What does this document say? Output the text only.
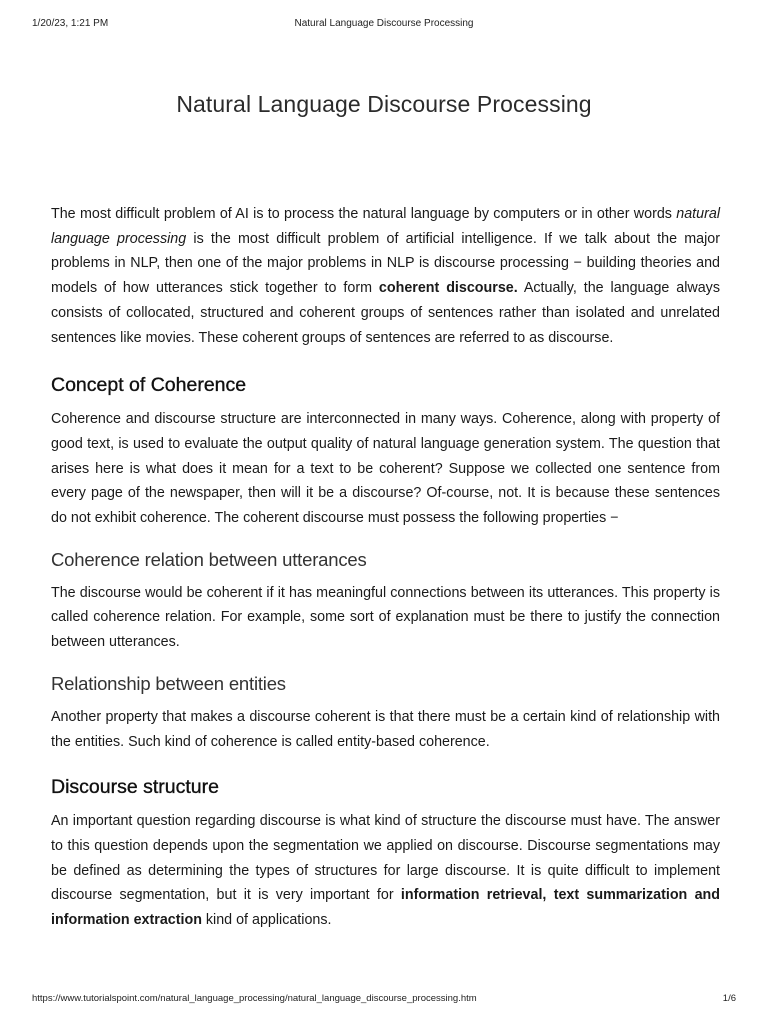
1/20/23, 1:21 PM	Natural Language Discourse Processing
Natural Language Discourse Processing

The most difficult problem of AI is to process the natural language by computers or in other words natural language processing is the most difficult problem of artificial intelligence. If we talk about the major problems in NLP, then one of the major problems in NLP is discourse processing − building theories and models of how utterances stick together to form coherent discourse. Actually, the language always consists of collocated, structured and coherent groups of sentences rather than isolated and unrelated sentences like movies. These coherent groups of sentences are referred to as discourse.

Concept of Coherence

Coherence and discourse structure are interconnected in many ways. Coherence, along with property of good text, is used to evaluate the output quality of natural language generation system. The question that arises here is what does it mean for a text to be coherent? Suppose we collected one sentence from every page of the newspaper, then will it be a discourse? Of-course, not. It is because these sentences do not exhibit coherence. The coherent discourse must possess the following properties −

Coherence relation between utterances

The discourse would be coherent if it has meaningful connections between its utterances. This property is called coherence relation. For example, some sort of explanation must be there to justify the connection between utterances.

Relationship between entities

Another property that makes a discourse coherent is that there must be a certain kind of relationship with the entities. Such kind of coherence is called entity-based coherence.

Discourse structure

An important question regarding discourse is what kind of structure the discourse must have. The answer to this question depends upon the segmentation we applied on discourse. Discourse segmentations may be defined as determining the types of structures for large discourse. It is quite difficult to implement discourse segmentation, but it is very important for information retrieval, text summarization and information extraction kind of applications.

https://www.tutorialspoint.com/natural_language_processing/natural_language_discourse_processing.htm	1/6
